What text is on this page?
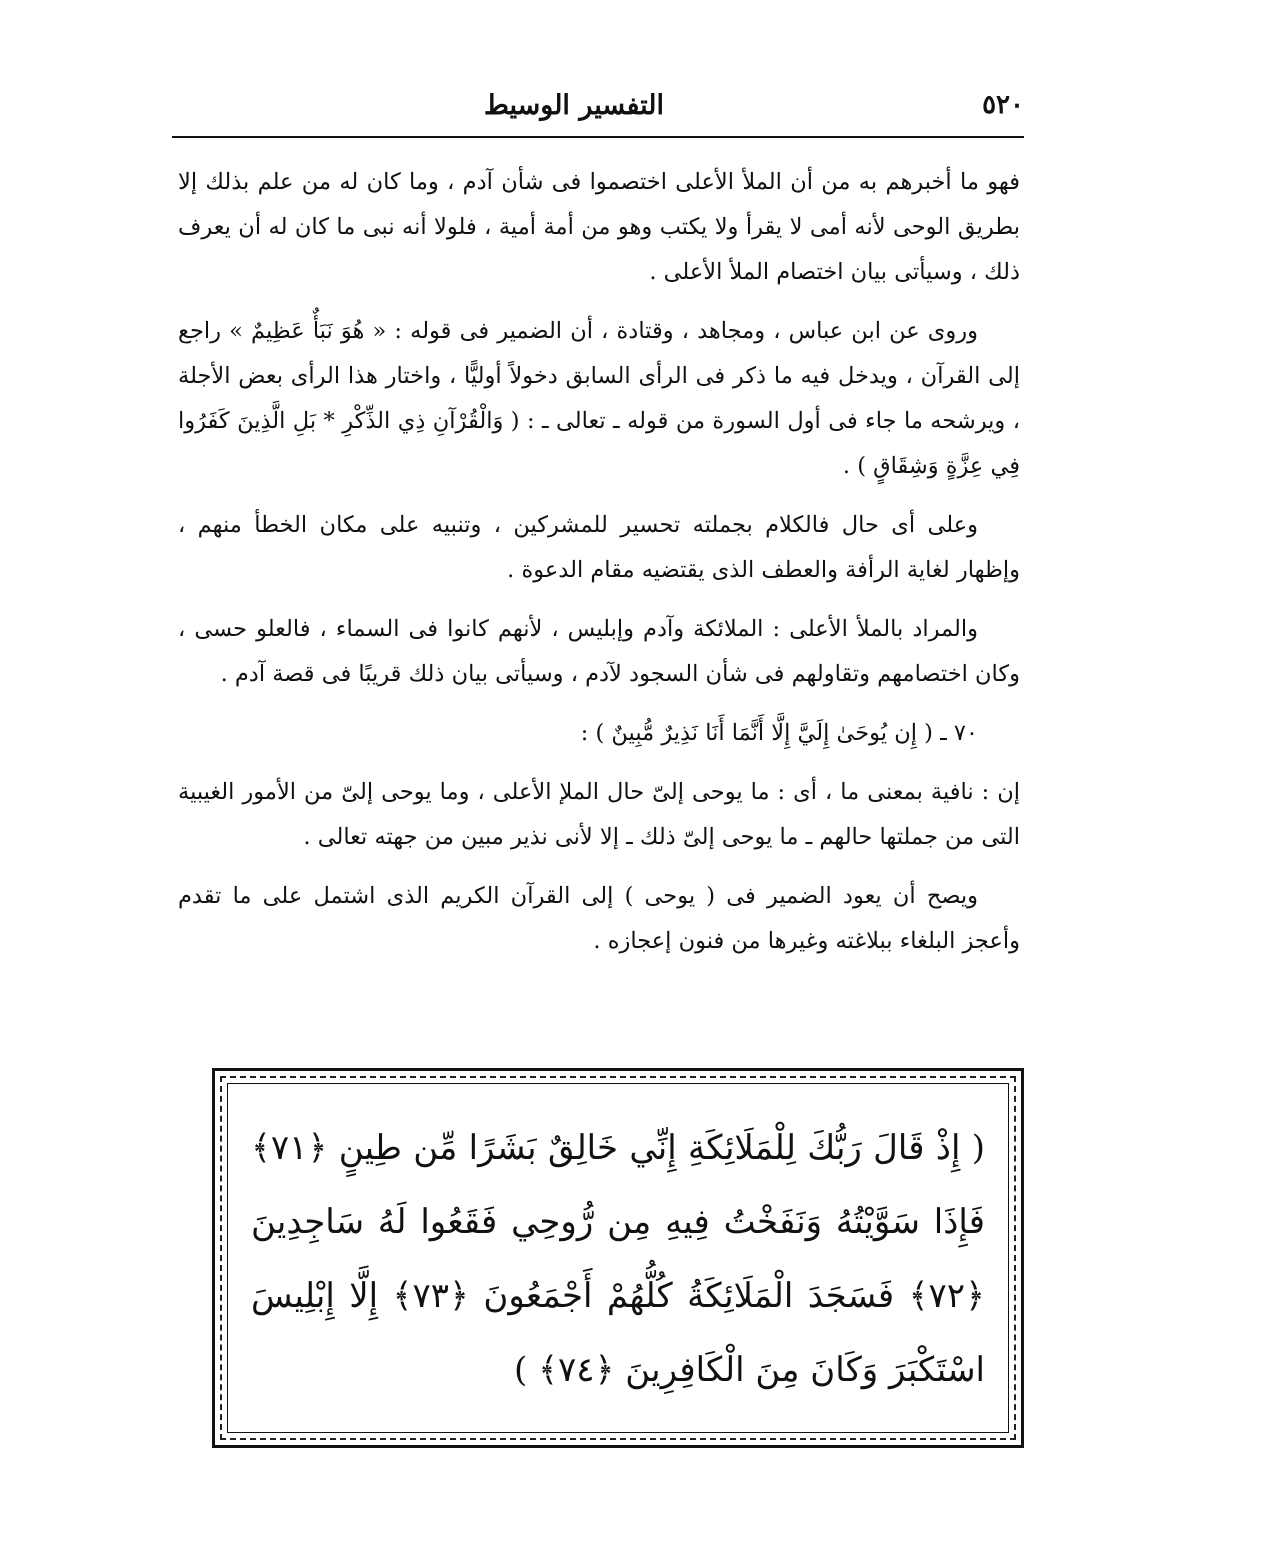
٥٢٠
التفسير الوسيط

فهو ما أخبرهم به من أن الملأ الأعلى اختصموا فى شأن آدم ، وما كان له من علم بذلك إلا بطريق الوحى لأنه أمى لا يقرأ ولا يكتب وهو من أمة أمية ، فلولا أنه نبى ما كان له أن يعرف ذلك ، وسيأتى بيان اختصام الملأ الأعلى .

وروى عن ابن عباس ، ومجاهد ، وقتادة ، أن الضمير فى قوله : « هُوَ نَبَأٌ عَظِيمٌ » راجع إلى القرآن ، ويدخل فيه ما ذكر فى الرأى السابق دخولاً أوليًّا ، واختار هذا الرأى بعض الأجلة ، ويرشحه ما جاء فى أول السورة من قوله ـ تعالى ـ : ( وَالْقُرْآنِ ذِي الذِّكْرِ * بَلِ الَّذِينَ كَفَرُوا فِي عِزَّةٍ وَشِقَاقٍ ) .

وعلى أى حال فالكلام بجملته تحسير للمشركين ، وتنبيه على مكان الخطأ منهم ، وإظهار لغاية الرأفة والعطف الذى يقتضيه مقام الدعوة .

والمراد بالملأ الأعلى : الملائكة وآدم وإبليس ، لأنهم كانوا فى السماء ، فالعلو حسى ، وكان اختصامهم وتقاولهم فى شأن السجود لآدم ، وسيأتى بيان ذلك قريبًا فى قصة آدم .

٧٠ ـ ( إِن يُوحَىٰ إِلَيَّ إِلَّا أَنَّمَا أَنَا نَذِيرٌ مُّبِينٌ ) :

إن : نافية بمعنى ما ، أى : ما يوحى إلىّ حال الملإ الأعلى ، وما يوحى إلىّ من الأمور الغيبية التى من جملتها حالهم ـ ما يوحى إلىّ ذلك ـ إلا لأنى نذير مبين من جهته تعالى .

ويصح أن يعود الضمير فى ( يوحى ) إلى القرآن الكريم الذى اشتمل على ما تقدم وأعجز البلغاء ببلاغته وغيرها من فنون إعجازه .

( إِذْ قَالَ رَبُّكَ لِلْمَلَائِكَةِ إِنِّي خَالِقٌ بَشَرًا مِّن طِينٍ ﴿٧١﴾ فَإِذَا سَوَّيْتُهُ وَنَفَخْتُ فِيهِ مِن رُّوحِي فَقَعُوا لَهُ سَاجِدِينَ ﴿٧٢﴾ فَسَجَدَ الْمَلَائِكَةُ كُلُّهُمْ أَجْمَعُونَ ﴿٧٣﴾ إِلَّا إِبْلِيسَ اسْتَكْبَرَ وَكَانَ مِنَ الْكَافِرِينَ ﴿٧٤﴾ )
